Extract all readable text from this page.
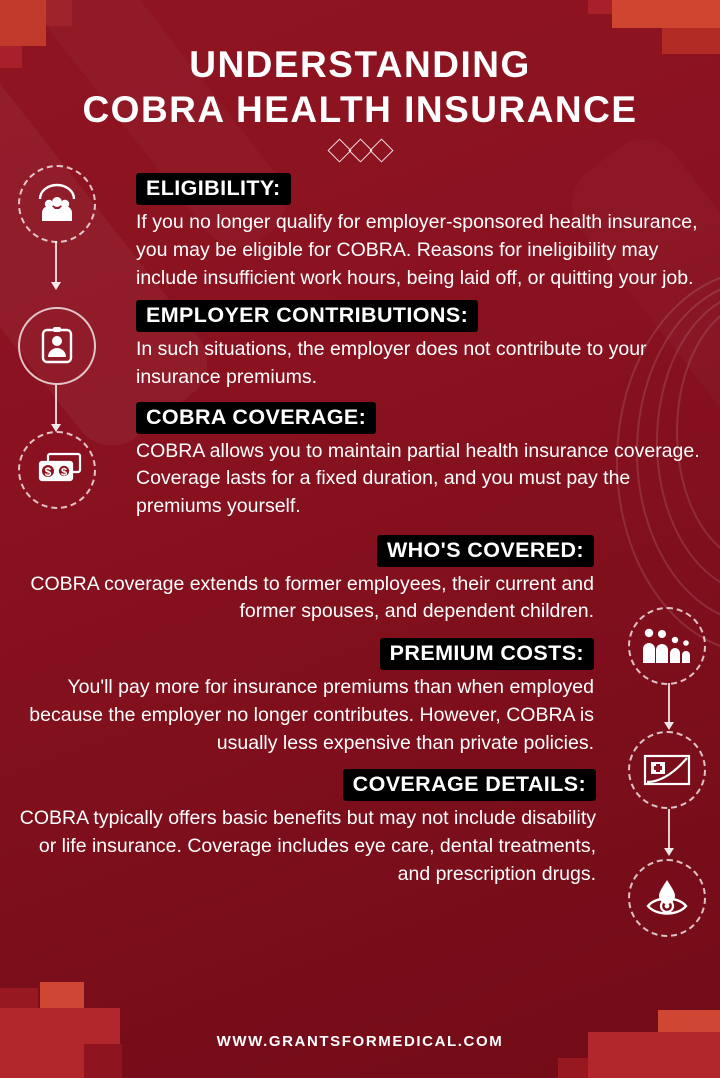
UNDERSTANDING
COBRA HEALTH INSURANCE
ELIGIBILITY:
If you no longer qualify for employer-sponsored health insurance, you may be eligible for COBRA. Reasons for ineligibility may include insufficient work hours, being laid off, or quitting your job.
EMPLOYER CONTRIBUTIONS:
In such situations, the employer does not contribute to your insurance premiums.
$ $
COBRA COVERAGE:
COBRA allows you to maintain partial health insurance coverage. Coverage lasts for a fixed duration, and you must pay the premiums yourself.
WHO'S COVERED:
COBRA coverage extends to former employees, their current and former spouses, and dependent children.
PREMIUM COSTS:
You'll pay more for insurance premiums than when employed because the employer no longer contributes. However, COBRA is usually less expensive than private policies.
COVERAGE DETAILS:
COBRA typically offers basic benefits but may not include disability or life insurance. Coverage includes eye care, dental treatments, and prescription drugs.
WWW.GRANTSFORMEDICAL.COM
